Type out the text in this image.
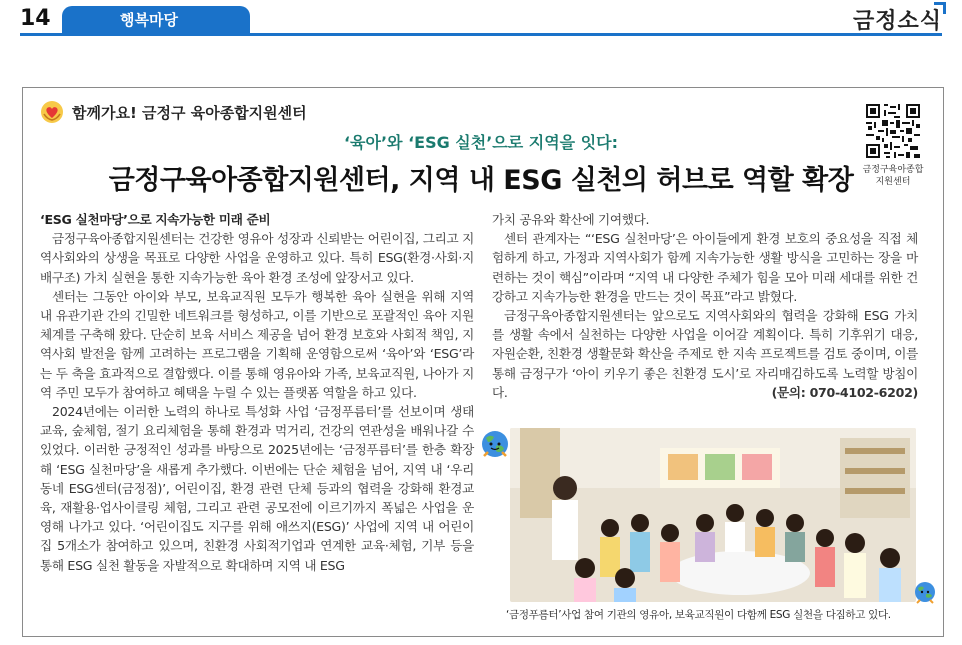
14	행복마당	금정소식
함께가요! 금정구 육아종합지원센터
‘육아’와 ‘ESG 실천’으로 지역을 잇다:
금정구육아종합지원센터, 지역 내 ESG 실천의 허브로 역할 확장	금정구육아종합
지원센터

‘ESG 실천마당’으로 지속가능한 미래 준비

금정구육아종합지원센터는 건강한 영유아 성장과 신뢰받는 어린이집, 그리고 지역사회와의 상생을 목표로 다양한 사업을 운영하고 있다. 특히 ESG(환경·사회·지배구조) 가치 실현을 통한 지속가능한 육아 환경 조성에 앞장서고 있다.

센터는 그동안 아이와 부모, 보육교직원 모두가 행복한 육아 실현을 위해 지역 내 유관기관 간의 긴밀한 네트워크를 형성하고, 이를 기반으로 포괄적인 육아 지원 체계를 구축해 왔다. 단순히 보육 서비스 제공을 넘어 환경 보호와 사회적 책임, 지역사회 발전을 함께 고려하는 프로그램을 기획해 운영함으로써 ‘육아’와 ‘ESG’라는 두 축을 효과적으로 결합했다. 이를 통해 영유아와 가족, 보육교직원, 나아가 지역 주민 모두가 참여하고 혜택을 누릴 수 있는 플랫폼 역할을 하고 있다.

2024년에는 이러한 노력의 하나로 특성화 사업 ‘금정푸름터’를 선보이며 생태교육, 숲체험, 절기 요리체험을 통해 환경과 먹거리, 건강의 연관성을 배워나갈 수 있었다. 이러한 긍정적인 성과를 바탕으로 2025년에는 ‘금정푸름터’를 한층 확장해 ‘ESG 실천마당’을 새롭게 추가했다. 이번에는 단순 체험을 넘어, 지역 내 ‘우리동네 ESG센터(금정점)’, 어린이집, 환경 관련 단체 등과의 협력을 강화해 환경교육, 재활용·업사이클링 체험, 그리고 관련 공모전에 이르기까지 폭넓은 사업을 운영해 나가고 있다. ‘어린이집도 지구를 위해 애쓰지(ESG)’ 사업에 지역 내 어린이집 5개소가 참여하고 있으며, 친환경 사회적기업과 연계한 교육·체험, 기부 등을 통해 ESG 실천 활동을 자발적으로 확대하며 지역 내 ESG

가치 공유와 확산에 기여했다.

센터 관계자는 “‘ESG 실천마당’은 아이들에게 환경 보호의 중요성을 직접 체험하게 하고, 가정과 지역사회가 함께 지속가능한 생활 방식을 고민하는 장을 마련하는 것이 핵심”이라며 “지역 내 다양한 주체가 힘을 모아 미래 세대를 위한 건강하고 지속가능한 환경을 만드는 것이 목표”라고 밝혔다.

금정구육아종합지원센터는 앞으로도 지역사회와의 협력을 강화해 ESG 가치를 생활 속에서 실천하는 다양한 사업을 이어갈 계획이다. 특히 기후위기 대응, 자원순환, 친환경 생활문화 확산을 주제로 한 지속 프로젝트를 검토 중이며, 이를 통해 금정구가 ‘아이 키우기 좋은 친환경 도시’로 자리매김하도록 노력할 방침이다.	(문의: 070-4102-6202)

‘금정푸름터’사업 참여 기관의 영유아, 보육교직원이 다함께 ESG 실천을 다짐하고 있다.
